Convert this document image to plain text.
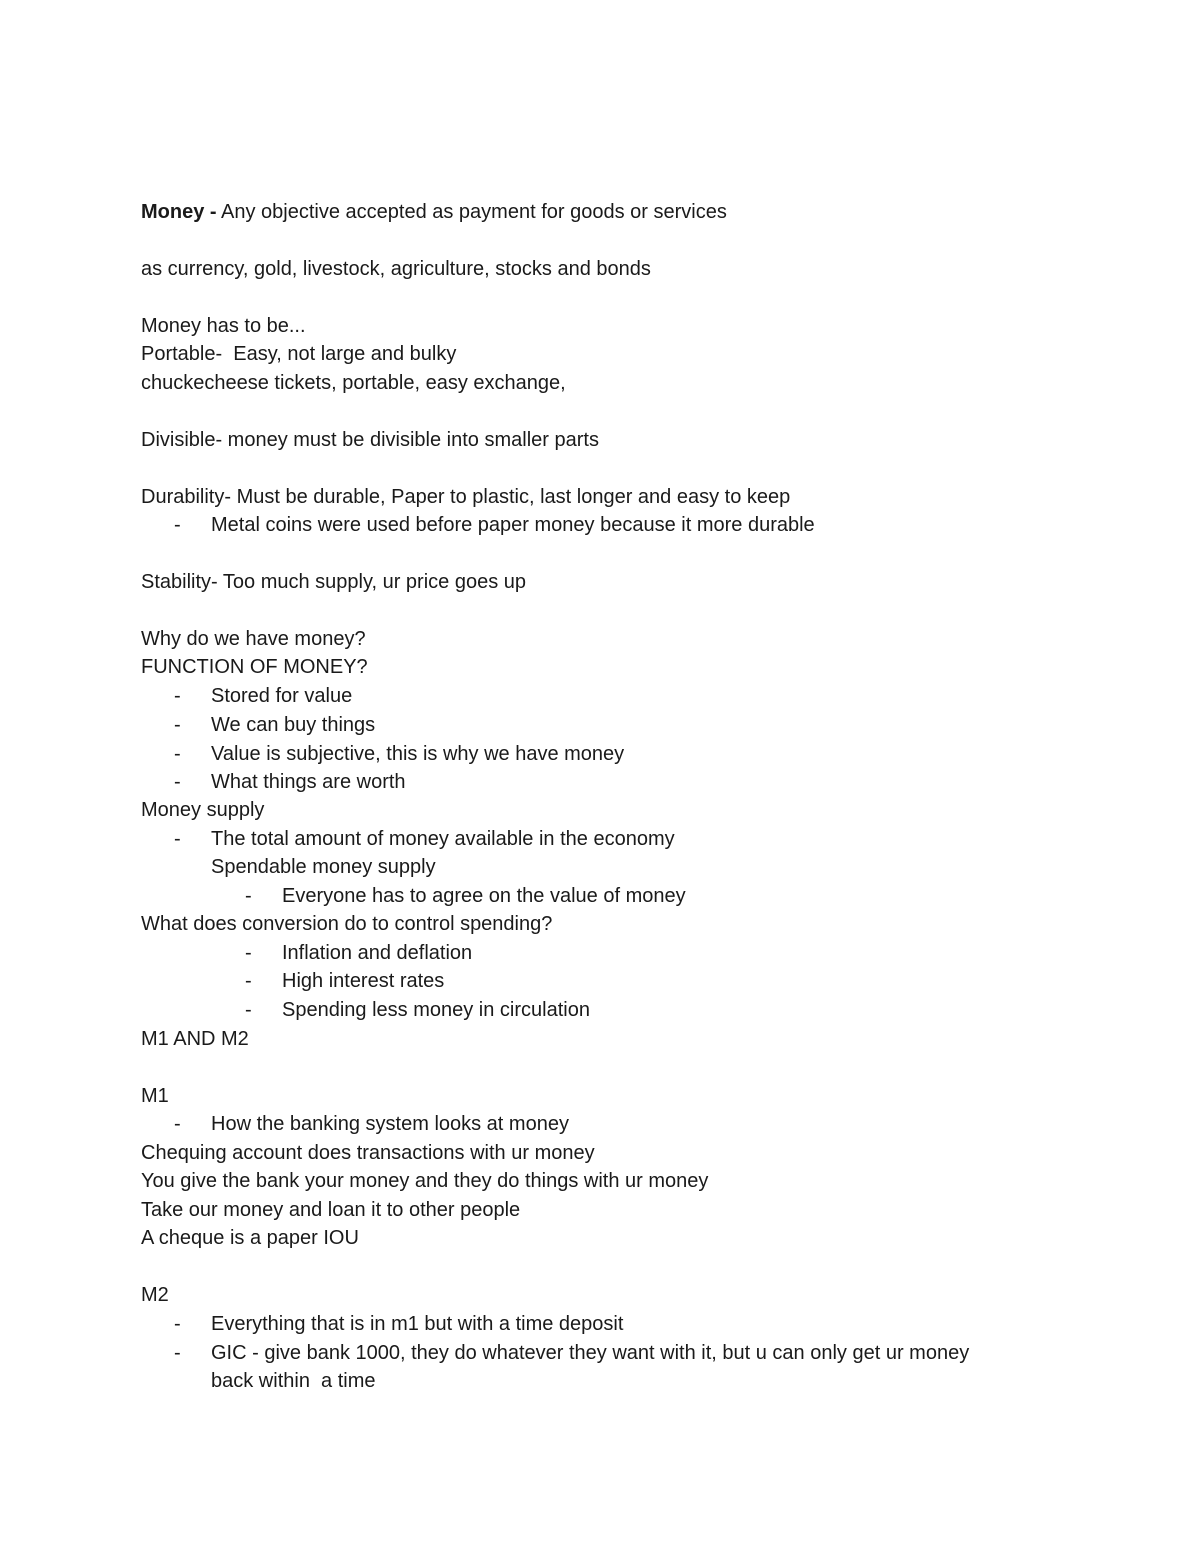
Money - Any objective accepted as payment for goods or services
as currency, gold, livestock, agriculture, stocks and bonds
Money has to be...
Portable-  Easy, not large and bulky
chuckecheese tickets, portable, easy exchange,
Divisible- money must be divisible into smaller parts
Durability- Must be durable, Paper to plastic, last longer and easy to keep
- Metal coins were used before paper money because it more durable
Stability- Too much supply, ur price goes up
Why do we have money?
FUNCTION OF MONEY?
- Stored for value
- We can buy things
- Value is subjective, this is why we have money
- What things are worth
Money supply
- The total amount of money available in the economy
Spendable money supply
- Everyone has to agree on the value of money
What does conversion do to control spending?
- Inflation and deflation
- High interest rates
- Spending less money in circulation
M1 AND M2
M1
- How the banking system looks at money
Chequing account does transactions with ur money
You give the bank your money and they do things with ur money
Take our money and loan it to other people
A cheque is a paper IOU
M2
- Everything that is in m1 but with a time deposit
- GIC - give bank 1000, they do whatever they want with it, but u can only get ur money
back within  a time
